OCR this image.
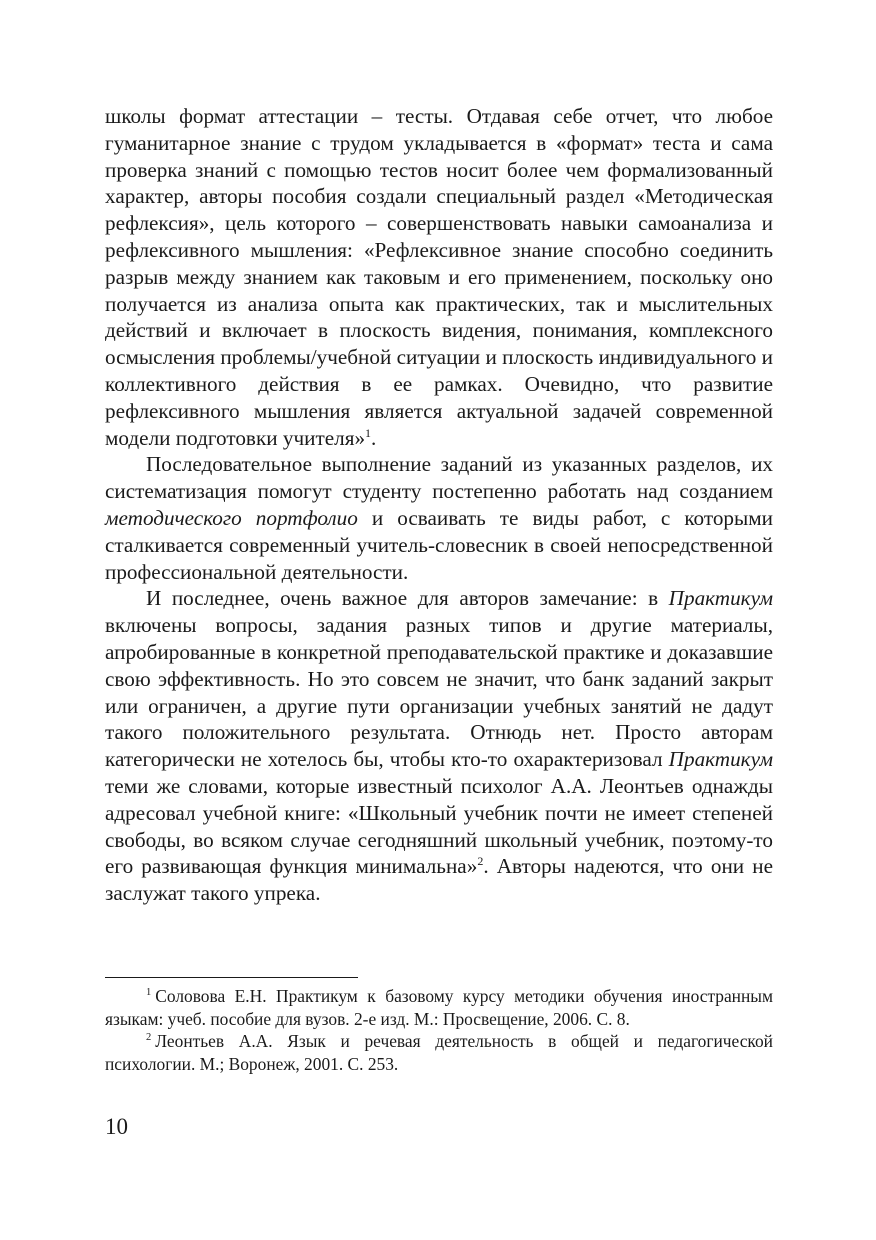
школы формат аттестации – тесты. Отдавая себе отчет, что любое гуманитарное знание с трудом укладывается в «формат» теста и сама проверка знаний с помощью тестов носит более чем формализованный характер, авторы пособия создали специальный раздел «Методическая рефлексия», цель которого – совершенствовать навыки самоанализа и рефлексивного мышления: «Рефлексивное знание способно соединить разрыв между знанием как таковым и его применением, поскольку оно получается из анализа опыта как практических, так и мыслительных действий и включает в плоскость видения, понимания, комплексного осмысления проблемы/учебной ситуации и плоскость индивидуального и коллективного действия в ее рамках. Очевидно, что развитие рефлексивного мышления является актуальной задачей современной модели подготовки учителя»$^1$.

Последовательное выполнение заданий из указанных разделов, их систематизация помогут студенту постепенно работать над созданием методического портфолио и осваивать те виды работ, с которыми сталкивается современный учитель-словесник в своей непосредственной профессиональной деятельности.

И последнее, очень важное для авторов замечание: в Практикум включены вопросы, задания разных типов и другие материалы, апробированные в конкретной преподавательской практике и доказавшие свою эффективность. Но это совсем не значит, что банк заданий закрыт или ограничен, а другие пути организации учебных занятий не дадут такого положительного результата. Отнюдь нет. Просто авторам категорически не хотелось бы, чтобы кто-то охарактеризовал Практикум теми же словами, которые известный психолог А.А. Леонтьев однажды адресовал учебной книге: «Школьный учебник почти не имеет степеней свободы, во всяком случае сегодняшний школьный учебник, поэтому-то его развивающая функция минимальна»$^2$. Авторы надеются, что они не заслужат такого упрека.

$^1$ Соловова Е.Н. Практикум к базовому курсу методики обучения иностранным языкам: учеб. пособие для вузов. 2-е изд. М.: Просвещение, 2006. С. 8.

$^2$ Леонтьев А.А. Язык и речевая деятельность в общей и педагогической психологии. М.; Воронеж, 2001. С. 253.

10
